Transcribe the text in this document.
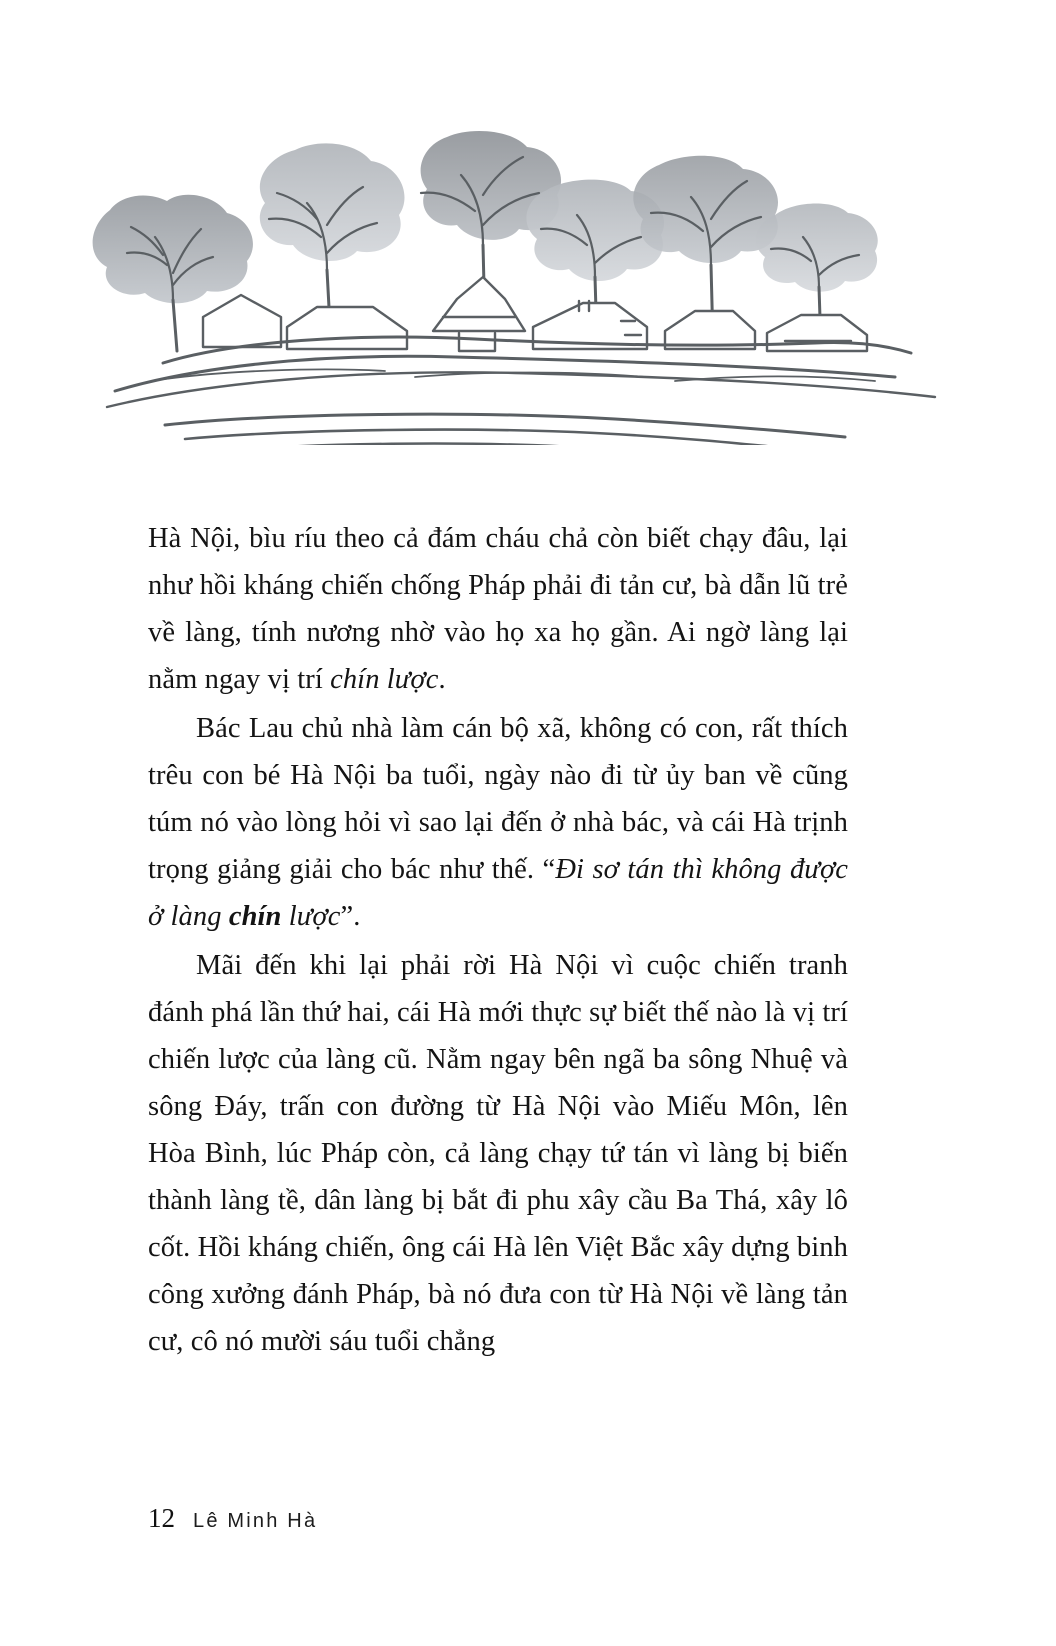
Hà Nội, bìu ríu theo cả đám cháu chả còn biết chạy đâu, lại như hồi kháng chiến chống Pháp phải đi tản cư, bà dẫn lũ trẻ về làng, tính nương nhờ vào họ xa họ gần. Ai ngờ làng lại nằm ngay vị trí chín lược.

Bác Lau chủ nhà làm cán bộ xã, không có con, rất thích trêu con bé Hà Nội ba tuổi, ngày nào đi từ ủy ban về cũng túm nó vào lòng hỏi vì sao lại đến ở nhà bác, và cái Hà trịnh trọng giảng giải cho bác như thế. “Đi sơ tán thì không được ở làng chín lược”.

Mãi đến khi lại phải rời Hà Nội vì cuộc chiến tranh đánh phá lần thứ hai, cái Hà mới thực sự biết thế nào là vị trí chiến lược của làng cũ. Nằm ngay bên ngã ba sông Nhuệ và sông Đáy, trấn con đường từ Hà Nội vào Miếu Môn, lên Hòa Bình, lúc Pháp còn, cả làng chạy tứ tán vì làng bị biến thành làng tề, dân làng bị bắt đi phu xây cầu Ba Thá, xây lô cốt. Hồi kháng chiến, ông cái Hà lên Việt Bắc xây dựng binh công xưởng đánh Pháp, bà nó đưa con từ Hà Nội về làng tản cư, cô nó mười sáu tuổi chẳng

12 Lê Minh Hà
